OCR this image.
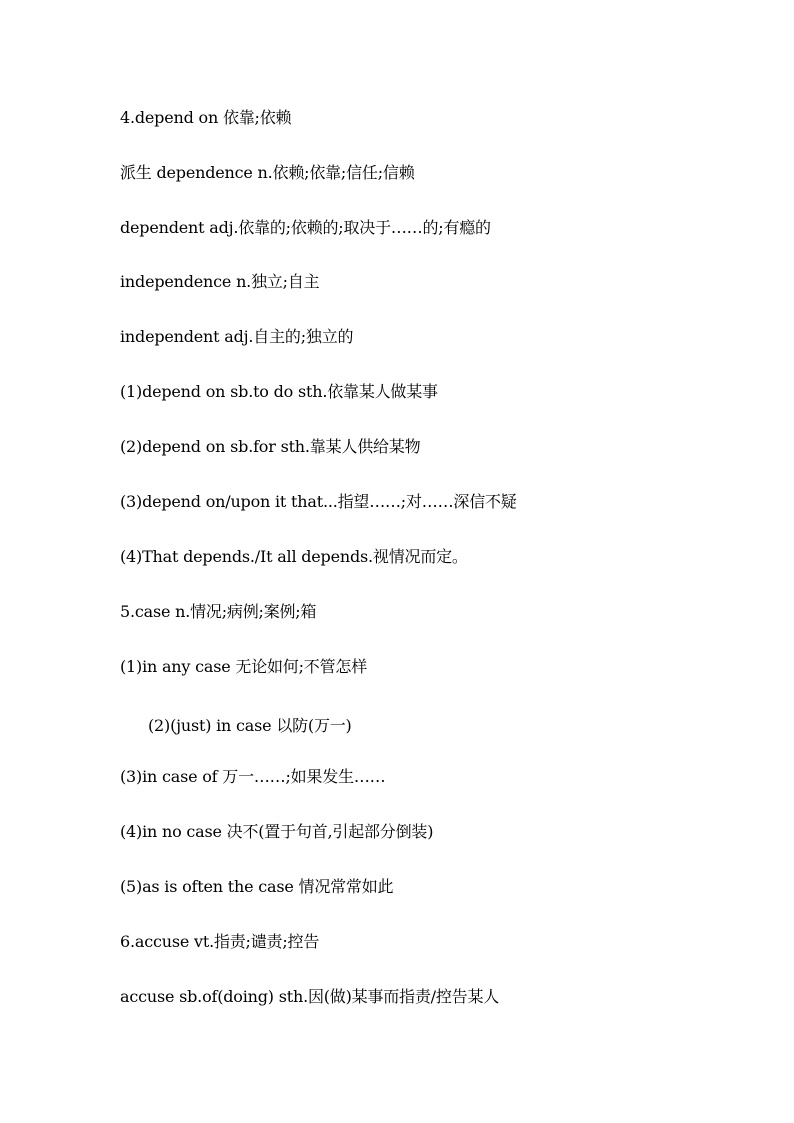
4.depend on 依靠;依赖
派生 dependence n.依赖;依靠;信任;信赖
dependent adj.依靠的;依赖的;取决于……的;有瘾的
independence n.独立;自主
independent adj.自主的;独立的
(1)depend on sb.to do sth.依靠某人做某事
(2)depend on sb.for sth.靠某人供给某物
(3)depend on/upon it that...指望……;对……深信不疑
(4)That depends./It all depends.视情况而定。
5.case n.情况;病例;案例;箱
(1)in any case 无论如何;不管怎样
(2)(just) in case 以防(万一)
(3)in case of 万一……;如果发生……
(4)in no case 决不(置于句首,引起部分倒装)
(5)as is often the case 情况常常如此
6.accuse vt.指责;谴责;控告
accuse sb.of(doing) sth.因(做)某事而指责/控告某人
